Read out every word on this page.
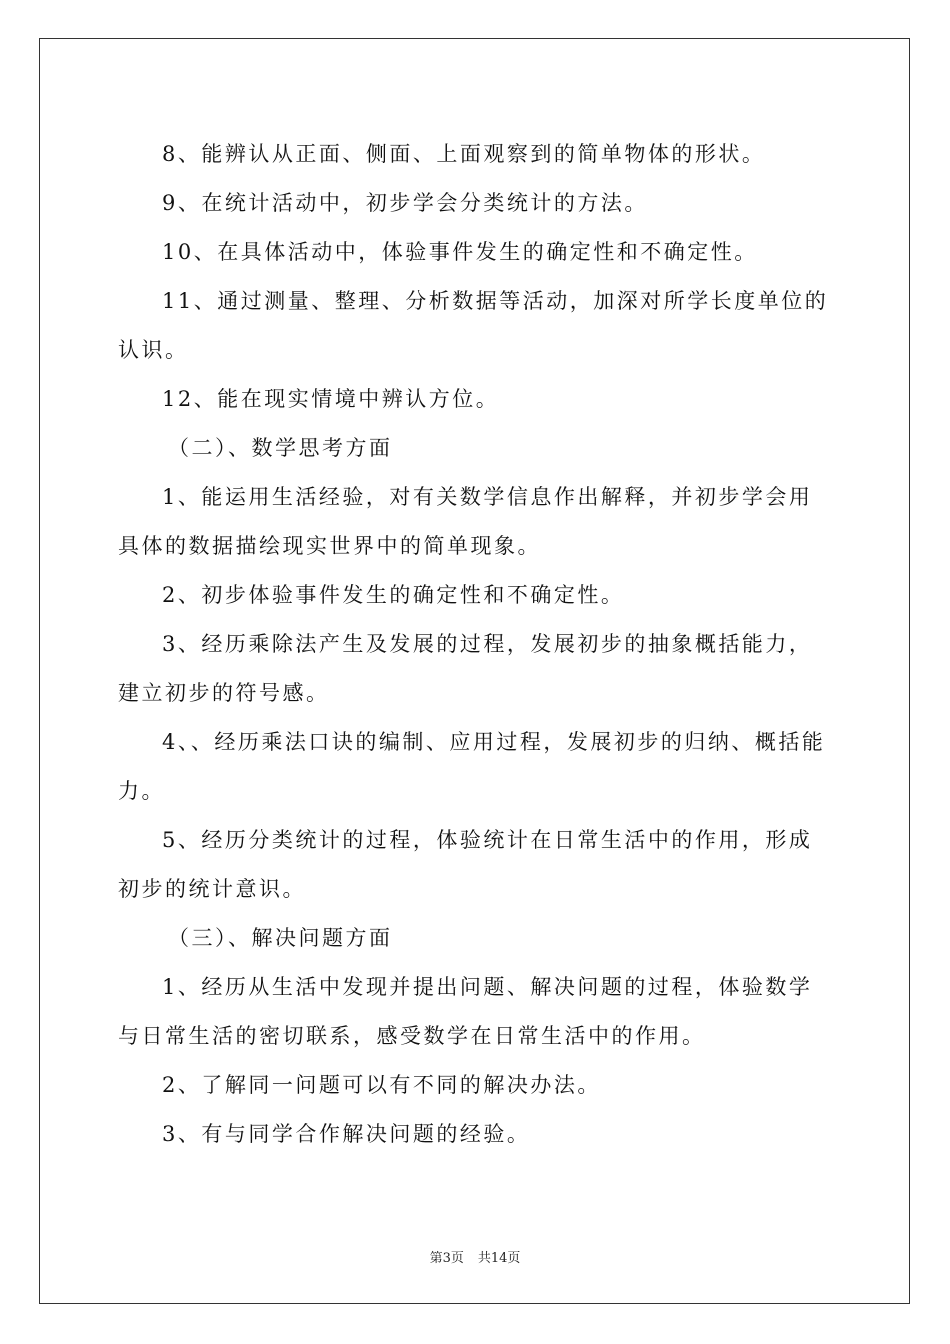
8、能辨认从正面、侧面、上面观察到的简单物体的形状。

9、在统计活动中，初步学会分类统计的方法。

10、在具体活动中，体验事件发生的确定性和不确定性。

11、通过测量、整理、分析数据等活动，加深对所学长度单位的认识。

12、能在现实情境中辨认方位。

（二）、数学思考方面

1、能运用生活经验，对有关数学信息作出解释，并初步学会用具体的数据描绘现实世界中的简单现象。

2、初步体验事件发生的确定性和不确定性。

3、经历乘除法产生及发展的过程，发展初步的抽象概括能力，建立初步的符号感。

4、、经历乘法口诀的编制、应用过程，发展初步的归纳、概括能力。

5、经历分类统计的过程，体验统计在日常生活中的作用，形成初步的统计意识。

（三）、解决问题方面

1、经历从生活中发现并提出问题、解决问题的过程，体验数学与日常生活的密切联系，感受数学在日常生活中的作用。

2、了解同一问题可以有不同的解决办法。

3、有与同学合作解决问题的经验。

第3页 共14页
